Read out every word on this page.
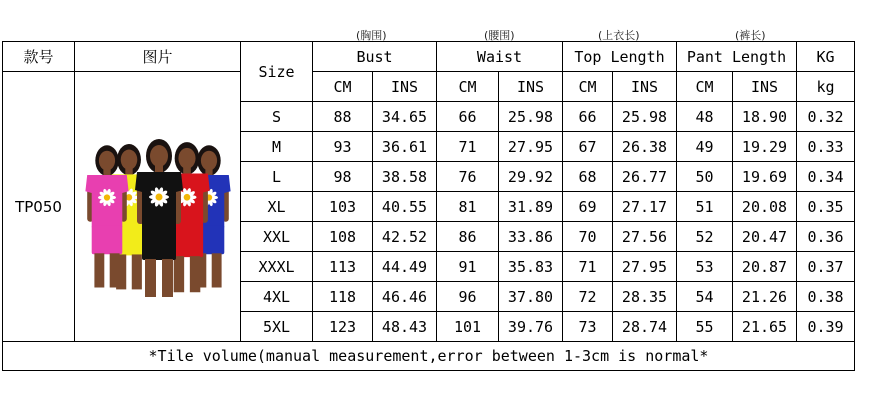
(胸围)	(腰围)	(上衣长)	(裤长)
款号	图片	Size	Bust		Waist		Top Length		Pant Length		KG
TP050			CM	INS	CM	INS	CM	INS	CM	INS	kg
		S	88	34.65	66	25.98	66	25.98	48	18.90	0.32
		M	93	36.61	71	27.95	67	26.38	49	19.29	0.33
		L	98	38.58	76	29.92	68	26.77	50	19.69	0.34
		XL	103	40.55	81	31.89	69	27.17	51	20.08	0.35
		XXL	108	42.52	86	33.86	70	27.56	52	20.47	0.36
		XXXL	113	44.49	91	35.83	71	27.95	53	20.87	0.37
		4XL	118	46.46	96	37.80	72	28.35	54	21.26	0.38
		5XL	123	48.43	101	39.76	73	28.74	55	21.65	0.39
*Tile volume(manual measurement,error between 1-3cm is normal*											
